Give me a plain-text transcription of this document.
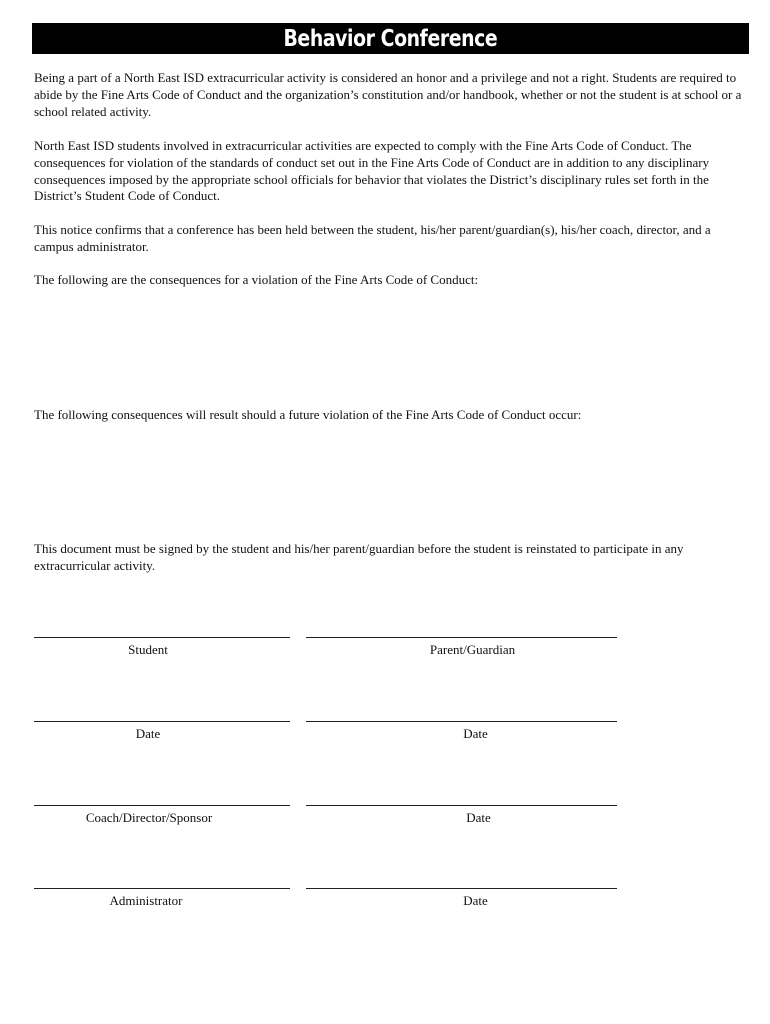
Behavior Conference

Being a part of a North East ISD extracurricular activity is considered an honor and a privilege and not a right. Students are required to abide by the Fine Arts Code of Conduct and the organization’s constitution and/or handbook, whether or not the student is at school or a school related activity.

North East ISD students involved in extracurricular activities are expected to comply with the Fine Arts Code of Conduct. The consequences for violation of the standards of conduct set out in the Fine Arts Code of Conduct are in addition to any disciplinary consequences imposed by the appropriate school officials for behavior that violates the District’s disciplinary rules set forth in the District’s Student Code of Conduct.

This notice confirms that a conference has been held between the student, his/her parent/guardian(s), his/her coach, director, and a campus administrator.

The following are the consequences for a violation of the Fine Arts Code of Conduct:

The following consequences will result should a future violation of the Fine Arts Code of Conduct occur:

This document must be signed by the student and his/her parent/guardian before the student is reinstated to participate in any extracurricular activity.

Student	Parent/Guardian
Date	Date
Coach/Director/Sponsor	Date
Administrator	Date
